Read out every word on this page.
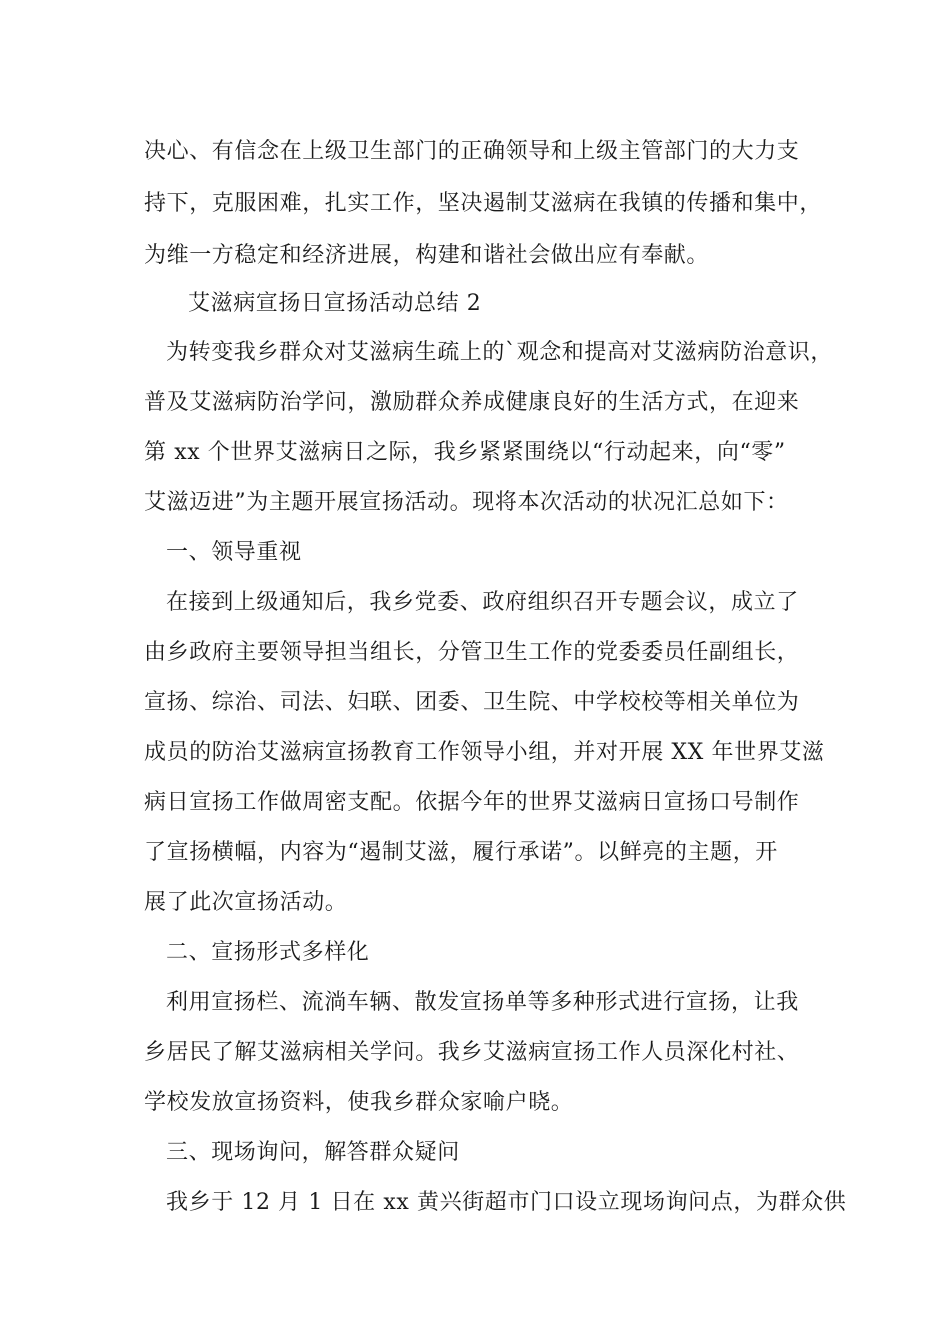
决心、有信念在上级卫生部门的正确领导和上级主管部门的大力支
持下，克服困难，扎实工作，坚决遏制艾滋病在我镇的传播和集中，
为维一方稳定和经济进展，构建和谐社会做出应有奉献。
艾滋病宣扬日宣扬活动总结 2
为转变我乡群众对艾滋病生疏上的`观念和提高对艾滋病防治意识，
普及艾滋病防治学问，激励群众养成健康良好的生活方式，在迎来
第 xx 个世界艾滋病日之际，我乡紧紧围绕以“行动起来，向“零”
艾滋迈进”为主题开展宣扬活动。现将本次活动的状况汇总如下：
一、领导重视
在接到上级通知后，我乡党委、政府组织召开专题会议，成立了
由乡政府主要领导担当组长，分管卫生工作的党委委员任副组长，
宣扬、综治、司法、妇联、团委、卫生院、中学校校等相关单位为
成员的防治艾滋病宣扬教育工作领导小组，并对开展 XX 年世界艾滋
病日宣扬工作做周密支配。依据今年的世界艾滋病日宣扬口号制作
了宣扬横幅，内容为“遏制艾滋，履行承诺”。以鲜亮的主题，开
展了此次宣扬活动。
二、宣扬形式多样化
利用宣扬栏、流淌车辆、散发宣扬单等多种形式进行宣扬，让我
乡居民了解艾滋病相关学问。我乡艾滋病宣扬工作人员深化村社、
学校发放宣扬资料，使我乡群众家喻户晓。
三、现场询问，解答群众疑问
我乡于 12 月 1 日在 xx 黄兴街超市门口设立现场询问点，为群众供
